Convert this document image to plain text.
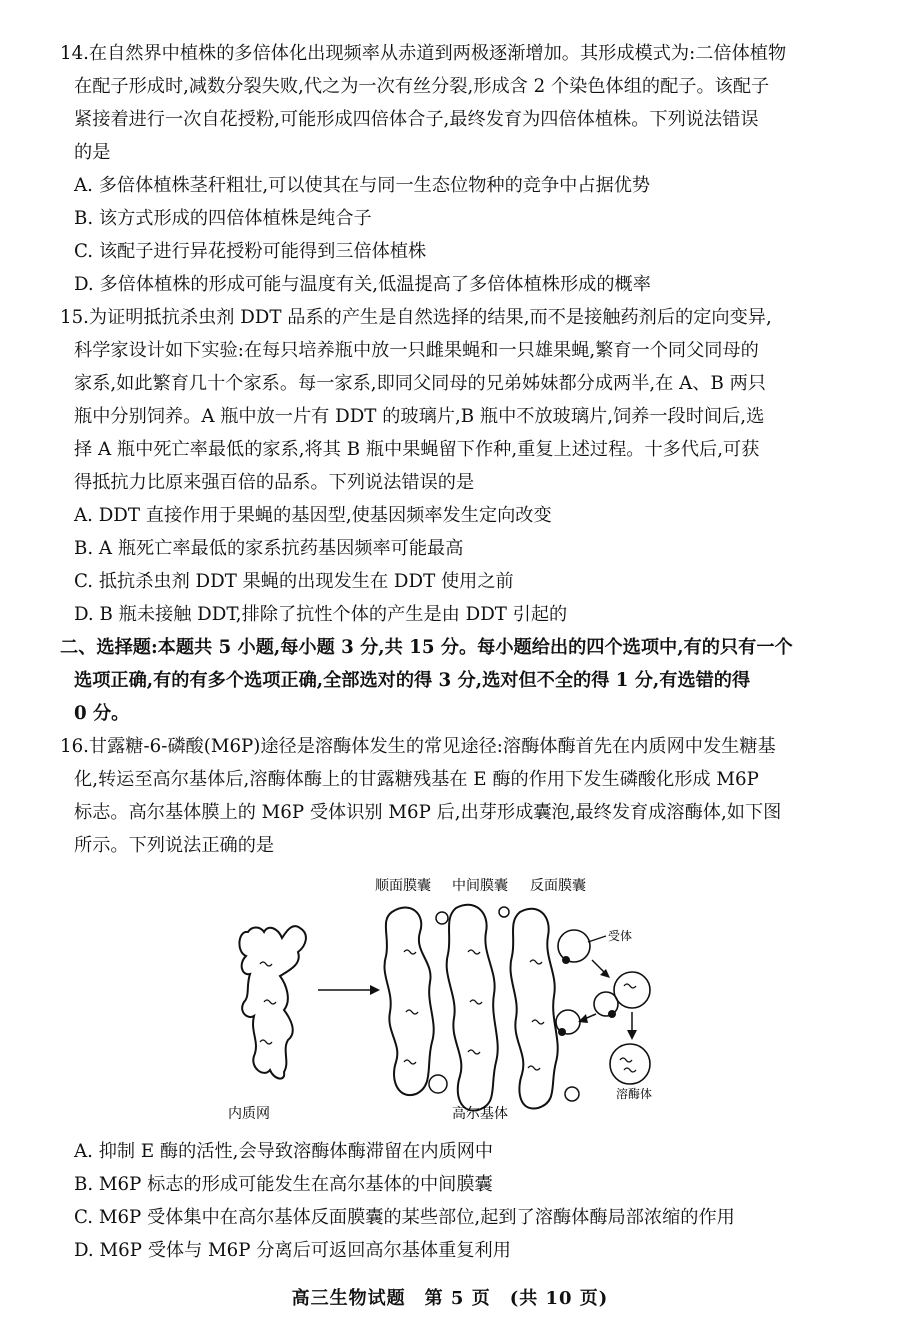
14.在自然界中植株的多倍体化出现频率从赤道到两极逐渐增加。其形成模式为:二倍体植物
在配子形成时,减数分裂失败,代之为一次有丝分裂,形成含 2 个染色体组的配子。该配子
紧接着进行一次自花授粉,可能形成四倍体合子,最终发育为四倍体植株。下列说法错误
的是
A. 多倍体植株茎秆粗壮,可以使其在与同一生态位物种的竞争中占据优势
B. 该方式形成的四倍体植株是纯合子
C. 该配子进行异花授粉可能得到三倍体植株
D. 多倍体植株的形成可能与温度有关,低温提高了多倍体植株形成的概率
15.为证明抵抗杀虫剂 DDT 品系的产生是自然选择的结果,而不是接触药剂后的定向变异,
科学家设计如下实验:在每只培养瓶中放一只雌果蝇和一只雄果蝇,繁育一个同父同母的
家系,如此繁育几十个家系。每一家系,即同父同母的兄弟姊妹都分成两半,在 A、B 两只
瓶中分别饲养。A 瓶中放一片有 DDT 的玻璃片,B 瓶中不放玻璃片,饲养一段时间后,选
择 A 瓶中死亡率最低的家系,将其 B 瓶中果蝇留下作种,重复上述过程。十多代后,可获
得抵抗力比原来强百倍的品系。下列说法错误的是
A. DDT 直接作用于果蝇的基因型,使基因频率发生定向改变
B. A 瓶死亡率最低的家系抗药基因频率可能最高
C. 抵抗杀虫剂 DDT 果蝇的出现发生在 DDT 使用之前
D. B 瓶未接触 DDT,排除了抗性个体的产生是由 DDT 引起的
二、选择题:本题共 5 小题,每小题 3 分,共 15 分。每小题给出的四个选项中,有的只有一个
选项正确,有的有多个选项正确,全部选对的得 3 分,选对但不全的得 1 分,有选错的得
0 分。
16.甘露糖-6-磷酸(M6P)途径是溶酶体发生的常见途径:溶酶体酶首先在内质网中发生糖基
化,转运至高尔基体后,溶酶体酶上的甘露糖残基在 E 酶的作用下发生磷酸化形成 M6P
标志。高尔基体膜上的 M6P 受体识别 M6P 后,出芽形成囊泡,最终发育成溶酶体,如下图
所示。下列说法正确的是
顺面膜囊 中间膜囊 反面膜囊
内质网	高尔基体
受体
溶酶体
A. 抑制 E 酶的活性,会导致溶酶体酶滞留在内质网中
B. M6P 标志的形成可能发生在高尔基体的中间膜囊
C. M6P 受体集中在高尔基体反面膜囊的某些部位,起到了溶酶体酶局部浓缩的作用
D. M6P 受体与 M6P 分离后可返回高尔基体重复利用
高三生物试题　第 5 页　(共 10 页)
